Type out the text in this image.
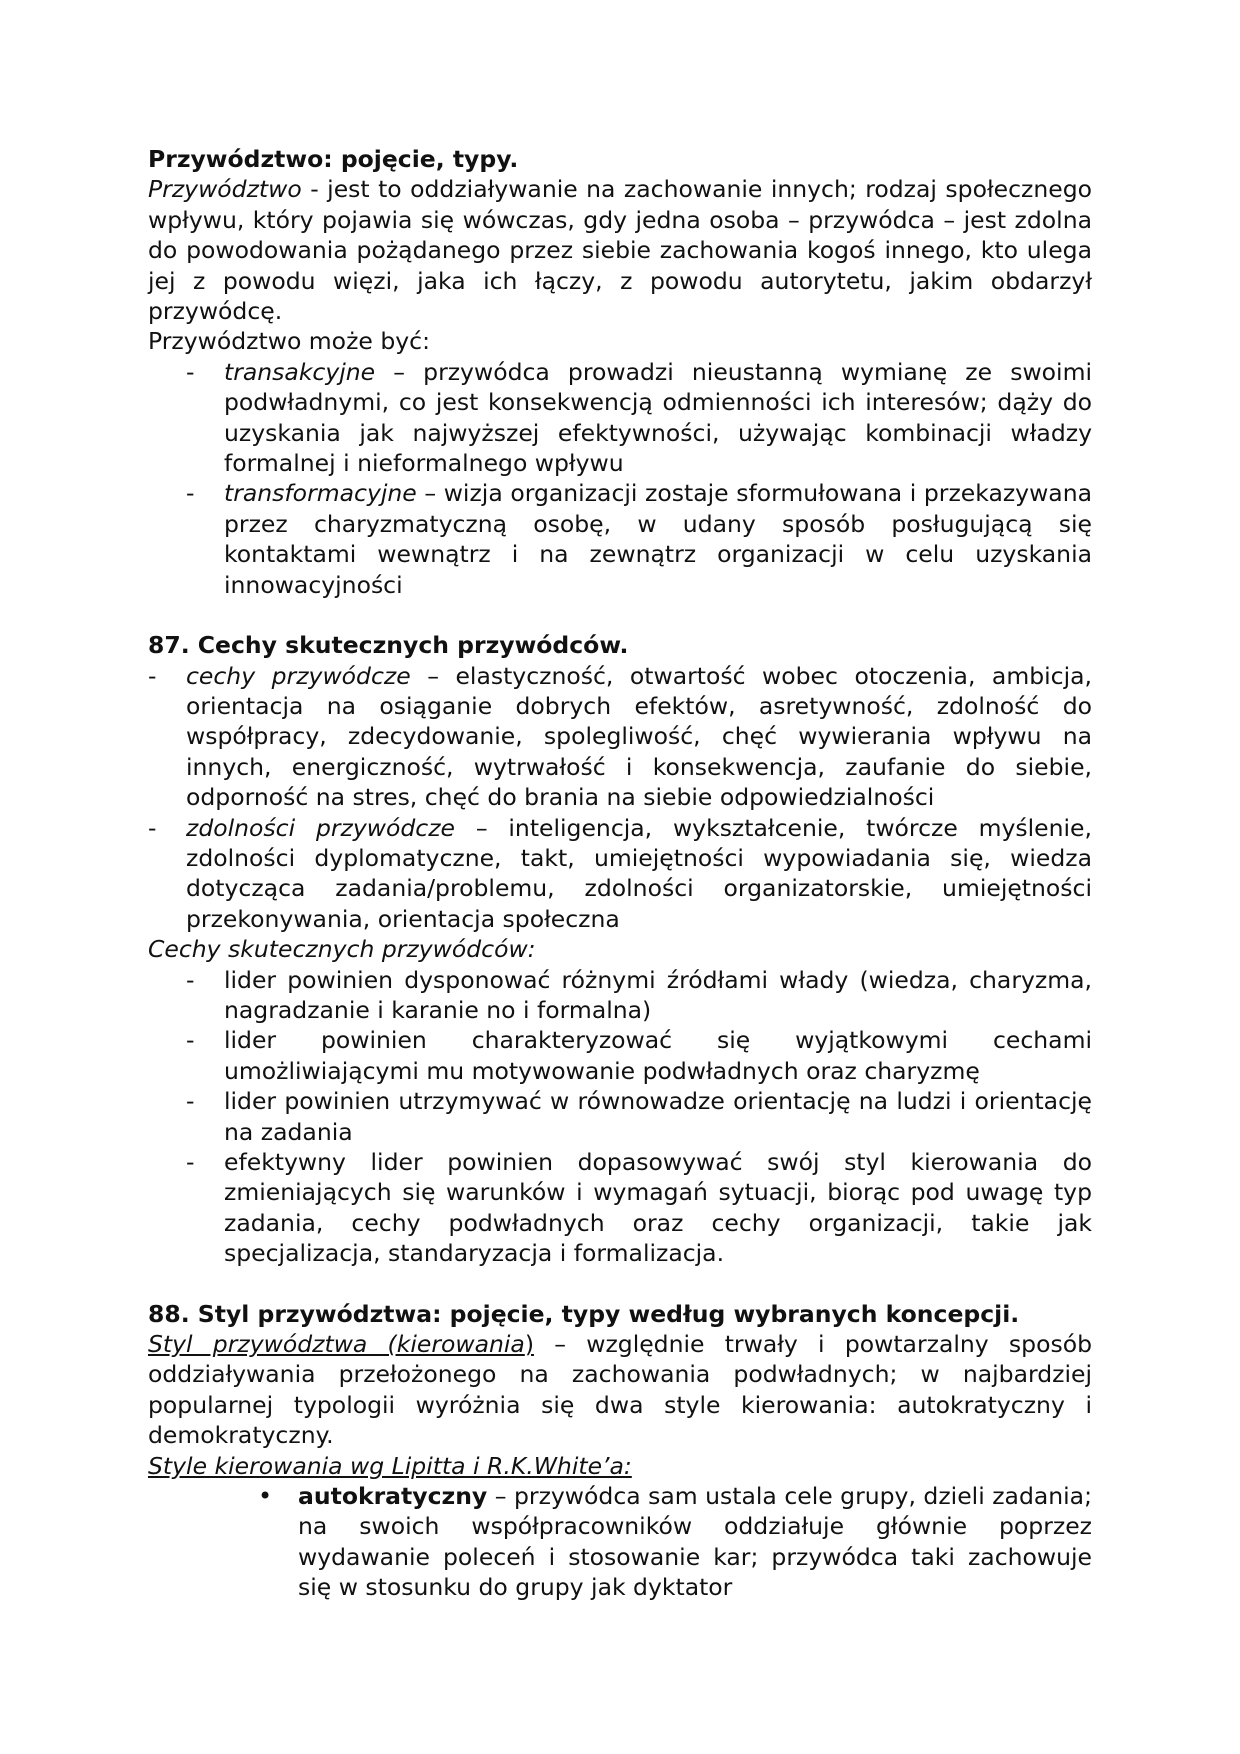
Przywództwo: pojęcie, typy.

Przywództwo - jest to oddziaływanie na zachowanie innych; rodzaj społecznego wpływu, który pojawia się wówczas, gdy jedna osoba – przywódca – jest zdolna do powodowania pożądanego przez siebie zachowania kogoś innego, kto ulega jej z powodu więzi, jaka ich łączy, z powodu autorytetu, jakim obdarzył przywódcę.

Przywództwo może być:

- transakcyjne – przywódca prowadzi nieustanną wymianę ze swoimi podwładnymi, co jest konsekwencją odmienności ich interesów; dąży do uzyskania jak najwyższej efektywności, używając kombinacji władzy formalnej i nieformalnego wpływu
- transformacyjne – wizja organizacji zostaje sformułowana i przekazywana przez charyzmatyczną osobę, w udany sposób posługującą się kontaktami wewnątrz i na zewnątrz organizacji w celu uzyskania innowacyjności

87. Cechy skutecznych przywódców.

- cechy przywódcze – elastyczność, otwartość wobec otoczenia, ambicja, orientacja na osiąganie dobrych efektów, asretywność, zdolność do współpracy, zdecydowanie, spolegliwość, chęć wywierania wpływu na innych, energiczność, wytrwałość i konsekwencja, zaufanie do siebie, odporność na stres, chęć do brania na siebie odpowiedzialności
- zdolności przywódcze – inteligencja, wykształcenie, twórcze myślenie, zdolności dyplomatyczne, takt, umiejętności wypowiadania się, wiedza dotycząca zadania/problemu, zdolności organizatorskie, umiejętności przekonywania, orientacja społeczna

Cechy skutecznych przywódców:

- lider powinien dysponować różnymi źródłami włady (wiedza, charyzma, nagradzanie i karanie no i formalna)
- lider powinien charakteryzować się wyjątkowymi cechami umożliwiającymi mu motywowanie podwładnych oraz charyzmę
- lider powinien utrzymywać w równowadze orientację na ludzi i orientację na zadania
- efektywny lider powinien dopasowywać swój styl kierowania do zmieniających się warunków i wymagań sytuacji, biorąc pod uwagę typ zadania, cechy podwładnych oraz cechy organizacji, takie jak specjalizacja, standaryzacja i formalizacja.

88. Styl przywództwa: pojęcie, typy według wybranych koncepcji.

Styl przywództwa (kierowania) – względnie trwały i powtarzalny sposób oddziaływania przełożonego na zachowania podwładnych; w najbardziej popularnej typologii wyróżnia się dwa style kierowania: autokratyczny i demokratyczny.

Style kierowania wg Lipitta i R.K.White’a:

• autokratyczny – przywódca sam ustala cele grupy, dzieli zadania; na swoich współpracowników oddziałuje głównie poprzez wydawanie poleceń i stosowanie kar; przywódca taki zachowuje się w stosunku do grupy jak dyktator
